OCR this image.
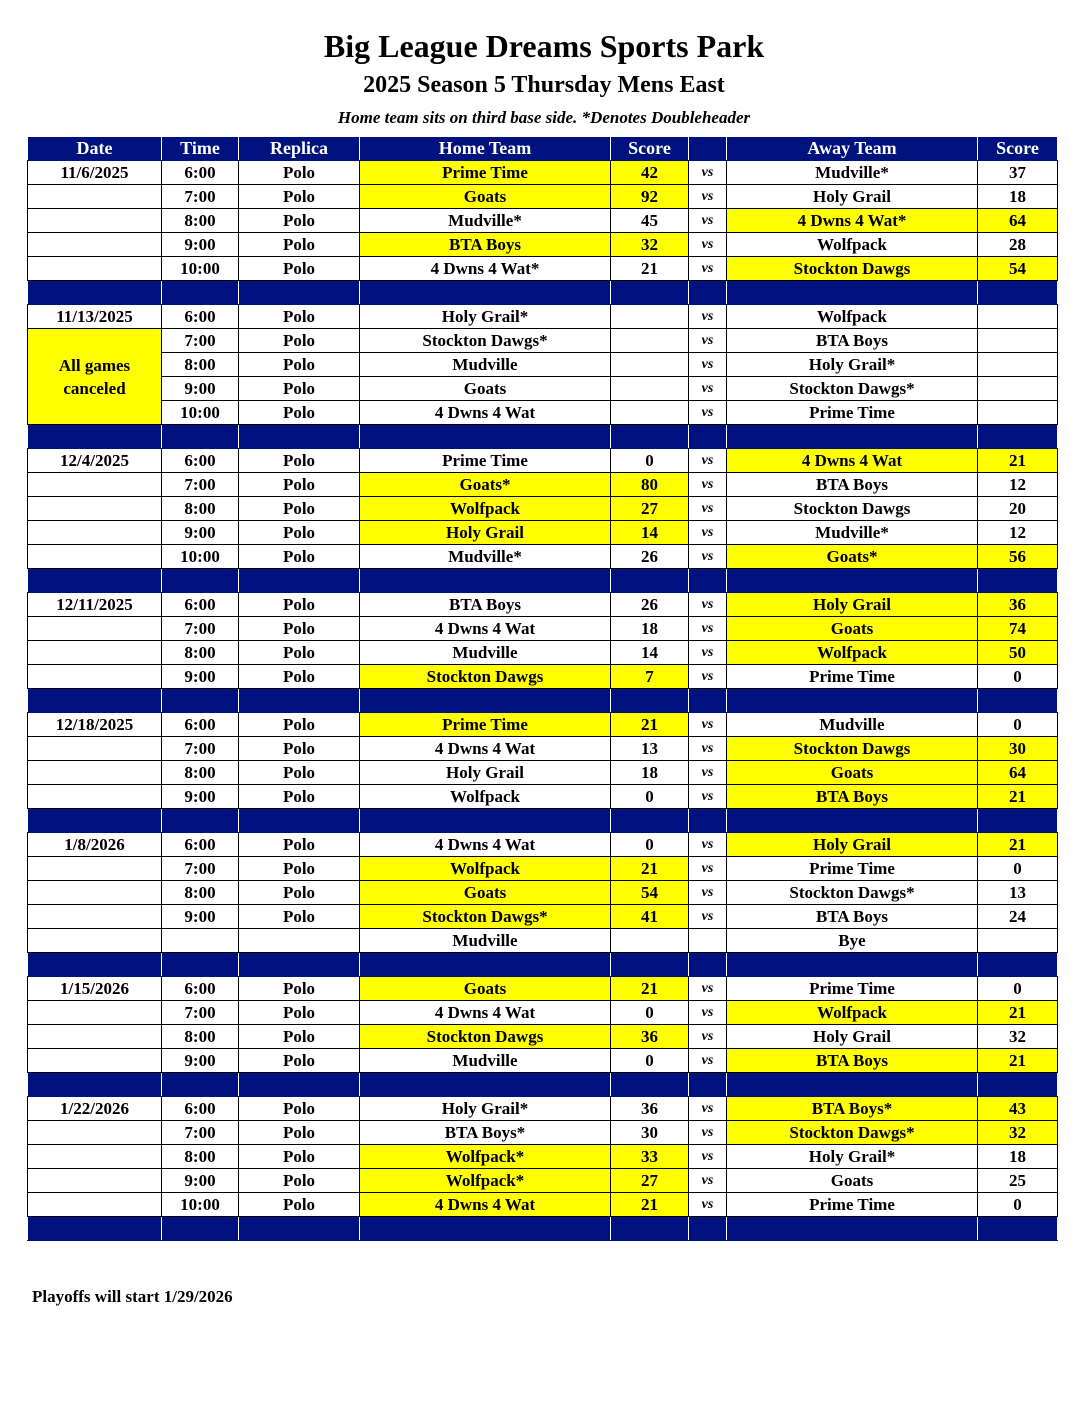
Big League Dreams Sports Park
2025 Season 5 Thursday Mens East
Home team sits on third base side. *Denotes Doubleheader
Date	Time	Replica	Home Team	Score		Away Team	Score
11/6/2025	6:00	Polo	Prime Time	42	vs	Mudville*	37
	7:00	Polo	Goats	92	vs	Holy Grail	18
	8:00	Polo	Mudville*	45	vs	4 Dwns 4 Wat*	64
	9:00	Polo	BTA Boys	32	vs	Wolfpack	28
	10:00	Polo	4 Dwns 4 Wat*	21	vs	Stockton Dawgs	54

11/13/2025	6:00	Polo	Holy Grail*		vs	Wolfpack	
All games canceled	7:00	Polo	Stockton Dawgs*		vs	BTA Boys	
	8:00	Polo	Mudville		vs	Holy Grail*	
	9:00	Polo	Goats		vs	Stockton Dawgs*	
	10:00	Polo	4 Dwns 4 Wat		vs	Prime Time	

12/4/2025	6:00	Polo	Prime Time	0	vs	4 Dwns 4 Wat	21
	7:00	Polo	Goats*	80	vs	BTA Boys	12
	8:00	Polo	Wolfpack	27	vs	Stockton Dawgs	20
	9:00	Polo	Holy Grail	14	vs	Mudville*	12
	10:00	Polo	Mudville*	26	vs	Goats*	56

12/11/2025	6:00	Polo	BTA Boys	26	vs	Holy Grail	36
	7:00	Polo	4 Dwns 4 Wat	18	vs	Goats	74
	8:00	Polo	Mudville	14	vs	Wolfpack	50
	9:00	Polo	Stockton Dawgs	7	vs	Prime Time	0

12/18/2025	6:00	Polo	Prime Time	21	vs	Mudville	0
	7:00	Polo	4 Dwns 4 Wat	13	vs	Stockton Dawgs	30
	8:00	Polo	Holy Grail	18	vs	Goats	64
	9:00	Polo	Wolfpack	0	vs	BTA Boys	21

1/8/2026	6:00	Polo	4 Dwns 4 Wat	0	vs	Holy Grail	21
	7:00	Polo	Wolfpack	21	vs	Prime Time	0
	8:00	Polo	Goats	54	vs	Stockton Dawgs*	13
	9:00	Polo	Stockton Dawgs*	41	vs	BTA Boys	24
			Mudville			Bye	

1/15/2026	6:00	Polo	Goats	21	vs	Prime Time	0
	7:00	Polo	4 Dwns 4 Wat	0	vs	Wolfpack	21
	8:00	Polo	Stockton Dawgs	36	vs	Holy Grail	32
	9:00	Polo	Mudville	0	vs	BTA Boys	21

1/22/2026	6:00	Polo	Holy Grail*	36	vs	BTA Boys*	43
	7:00	Polo	BTA Boys*	30	vs	Stockton Dawgs*	32
	8:00	Polo	Wolfpack*	33	vs	Holy Grail*	18
	9:00	Polo	Wolfpack*	27	vs	Goats	25
	10:00	Polo	4 Dwns 4 Wat	21	vs	Prime Time	0

Playoffs will start 1/29/2026
